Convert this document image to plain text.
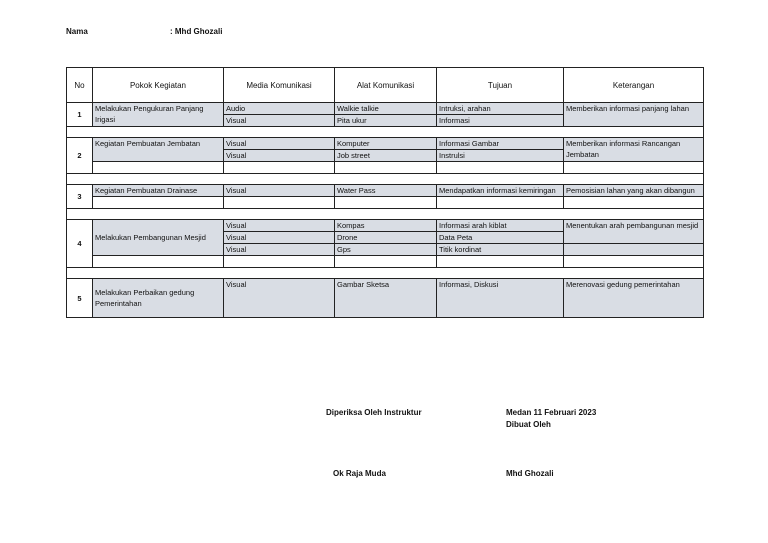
Nama	: Mhd Ghozali
No	Pokok Kegiatan	Media Komunikasi	Alat Komunikasi	Tujuan	Keterangan
1	Melakukan Pengukuran Panjang Irigasi	Audio	Walkie talkie	Intruksi, arahan	Memberikan informasi panjang lahan
		Visual	Pita ukur	Informasi	

2	Kegiatan Pembuatan Jembatan	Visual	Komputer	Informasi Gambar	Memberikan informasi Rancangan Jembatan
		Visual	Job street	Instrulsi	

3	Kegiatan Pembuatan Drainase	Visual	Water Pass	Mendapatkan informasi kemiringan	Pemosisian lahan yang akan dibangun

4	Melakukan Pembangunan Mesjid	Visual	Kompas	Informasi arah kiblat	Menentukan arah pembangunan mesjid
		Visual	Drone	Data Peta	
		Visual	Gps	Titik kordinat	

5	Melakukan Perbaikan gedung Pemerintahan	Visual	Gambar Sketsa	Informasi, Diskusi	Merenovasi gedung pemerintahan
Diperiksa Oleh Instruktur
Ok Raja Muda
Medan 11 Februari 2023
Dibuat Oleh
Mhd Ghozali
